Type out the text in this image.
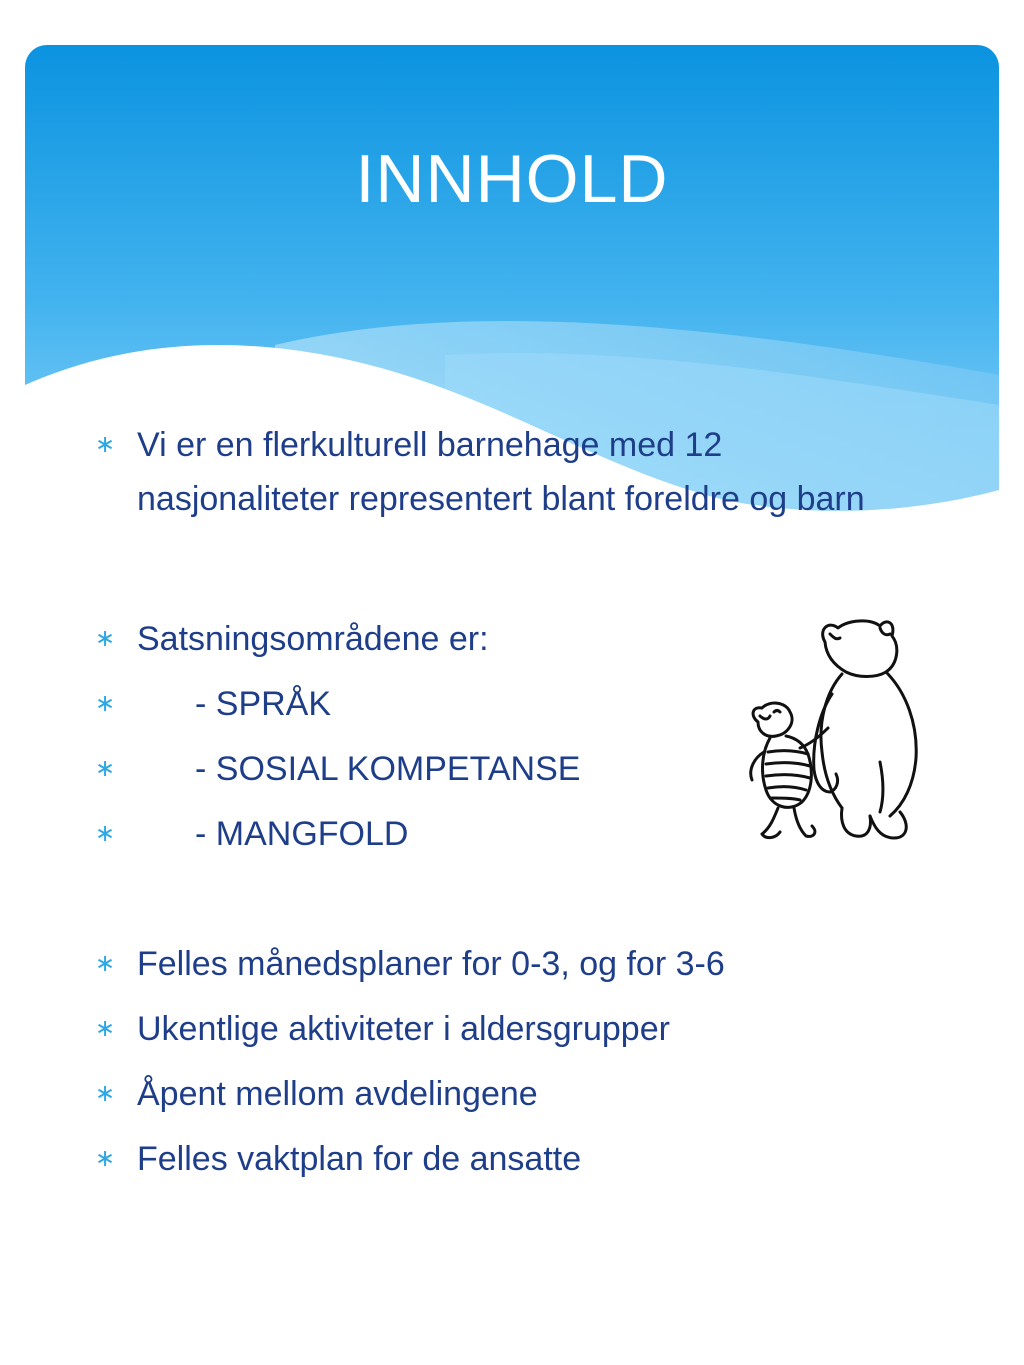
INNHOLD
∗ Vi er en flerkulturell barnehage med 12 nasjonaliteter representert blant foreldre og barn
∗ Satsningsområdene er:
∗ - SPRÅK
∗ - SOSIAL KOMPETANSE
∗ - MANGFOLD
∗ Felles månedsplaner for 0-3, og for 3-6
∗ Ukentlige aktiviteter i aldersgrupper
∗ Åpent mellom avdelingene
∗ Felles vaktplan for de ansatte
